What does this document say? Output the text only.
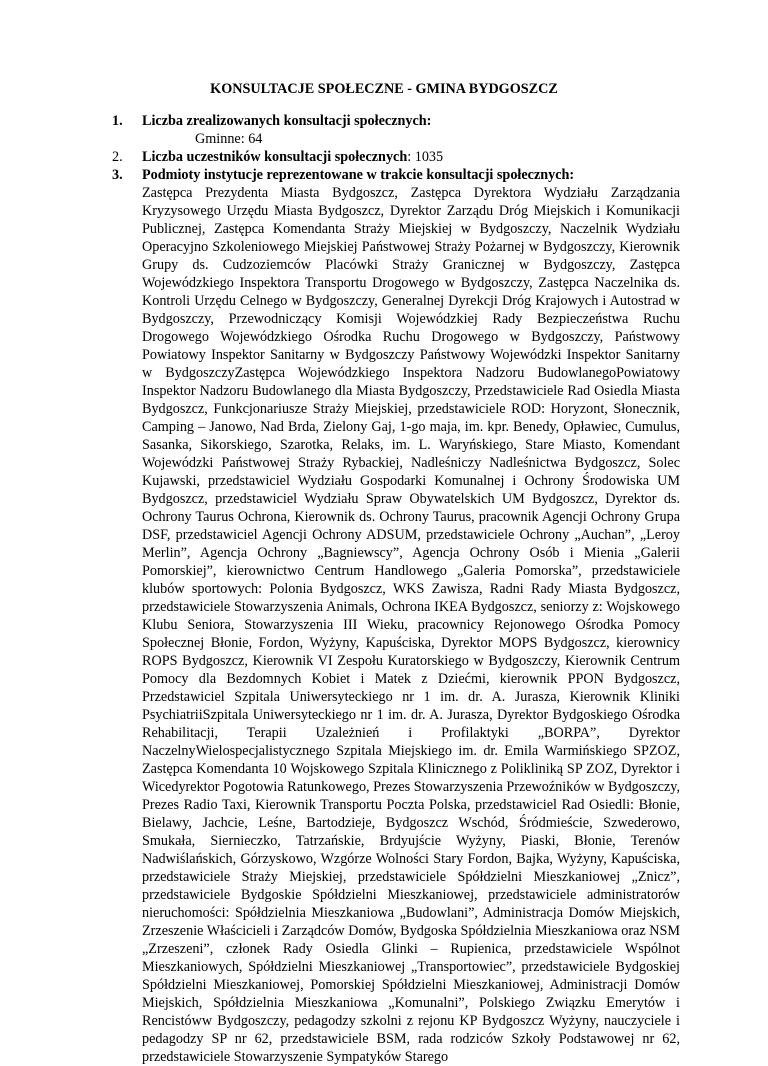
KONSULTACJE SPOŁECZNE - GMINA BYDGOSZCZ
1. Liczba zrealizowanych konsultacji społecznych:
Gminne: 64
2. Liczba uczestników konsultacji społecznych: 1035
3. Podmioty instytucje reprezentowane w trakcie konsultacji społecznych:
Zastępca Prezydenta Miasta Bydgoszcz, Zastępca Dyrektora Wydziału Zarządzania Kryzysowego Urzędu Miasta Bydgoszcz, Dyrektor Zarządu Dróg Miejskich i Komunikacji Publicznej, Zastępca Komendanta Straży Miejskiej w Bydgoszczy, Naczelnik Wydziału Operacyjno Szkoleniowego Miejskiej Państwowej Straży Pożarnej w Bydgoszczy, Kierownik Grupy ds. Cudzoziemców Placówki Straży Granicznej w Bydgoszczy, Zastępca Wojewódzkiego Inspektora Transportu Drogowego w Bydgoszczy, Zastępca Naczelnika ds. Kontroli Urzędu Celnego w Bydgoszczy, Generalnej Dyrekcji Dróg Krajowych i Autostrad w Bydgoszczy, Przewodniczący Komisji Wojewódzkiej Rady Bezpieczeństwa Ruchu Drogowego Wojewódzkiego Ośrodka Ruchu Drogowego w Bydgoszczy, Państwowy Powiatowy Inspektor Sanitarny w Bydgoszczy Państwowy Wojewódzki Inspektor Sanitarny w BydgoszczyZastępca Wojewódzkiego Inspektora Nadzoru BudowlanegoPowiatowy Inspektor Nadzoru Budowlanego dla Miasta Bydgoszczy, Przedstawiciele Rad Osiedla Miasta Bydgoszcz, Funkcjonariusze Straży Miejskiej, przedstawiciele ROD: Horyzont, Słonecznik, Camping – Janowo, Nad Brda, Zielony Gaj, 1-go maja, im. kpr. Benedy, Opławiec, Cumulus, Sasanka, Sikorskiego, Szarotka, Relaks, im. L. Waryńskiego, Stare Miasto, Komendant Wojewódzki Państwowej Straży Rybackiej, Nadleśniczy Nadleśnictwa Bydgoszcz, Solec Kujawski, przedstawiciel Wydziału Gospodarki Komunalnej i Ochrony Środowiska UM Bydgoszcz, przedstawiciel Wydziału Spraw Obywatelskich UM Bydgoszcz, Dyrektor ds. Ochrony Taurus Ochrona, Kierownik ds. Ochrony Taurus, pracownik Agencji Ochrony Grupa DSF, przedstawiciel Agencji Ochrony ADSUM, przedstawiciele Ochrony „Auchan”, „Leroy Merlin”, Agencja Ochrony „Bagniewscy”, Agencja Ochrony Osób i Mienia „Galerii Pomorskiej”, kierownictwo Centrum Handlowego „Galeria Pomorska”, przedstawiciele klubów sportowych: Polonia Bydgoszcz, WKS Zawisza, Radni Rady Miasta Bydgoszcz, przedstawiciele Stowarzyszenia Animals, Ochrona IKEA Bydgoszcz, seniorzy z: Wojskowego Klubu Seniora, Stowarzyszenia III Wieku, pracownicy Rejonowego Ośrodka Pomocy Społecznej Błonie, Fordon, Wyżyny, Kapuściska, Dyrektor MOPS Bydgoszcz, kierownicy ROPS Bydgoszcz, Kierownik VI Zespołu Kuratorskiego w Bydgoszczy, Kierownik Centrum Pomocy dla Bezdomnych Kobiet i Matek z Dziećmi, kierownik PPON Bydgoszcz, Przedstawiciel Szpitala Uniwersyteckiego nr 1 im. dr. A. Jurasza, Kierownik Kliniki PsychiatriiSzpitala Uniwersyteckiego nr 1 im. dr. A. Jurasza, Dyrektor Bydgoskiego Ośrodka Rehabilitacji, Terapii Uzależnień i Profilaktyki „BORPA”, Dyrektor NaczelnyWielospecjalistycznego Szpitala Miejskiego im. dr. Emila Warmińskiego SPZOZ, Zastępca Komendanta 10 Wojskowego Szpitala Klinicznego z Polikliniką SP ZOZ, Dyrektor i Wicedyrektor Pogotowia Ratunkowego, Prezes Stowarzyszenia Przewoźników w Bydgoszczy, Prezes Radio Taxi, Kierownik Transportu Poczta Polska, przedstawiciel Rad Osiedli: Błonie, Bielawy, Jachcie, Leśne, Bartodzieje, Bydgoszcz Wschód, Śródmieście, Szwederowo, Smukała, Siernieczko, Tatrzańskie, Brdyujście Wyżyny, Piaski, Błonie, Terenów Nadwiślańskich, Górzyskowo, Wzgórze Wolności Stary Fordon, Bajka, Wyżyny, Kapuściska, przedstawiciele Straży Miejskiej, przedstawiciele Spółdzielni Mieszkaniowej „Znicz”, przedstawiciele Bydgoskie Spółdzielni Mieszkaniowej, przedstawiciele administratorów nieruchomości: Spółdzielnia Mieszkaniowa „Budowlani”, Administracja Domów Miejskich, Zrzeszenie Właścicieli i Zarządców Domów, Bydgoska Spółdzielnia Mieszkaniowa oraz NSM „Zrzeszeni”, członek Rady Osiedla Glinki – Rupienica, przedstawiciele Wspólnot Mieszkaniowych, Spółdzielni Mieszkaniowej „Transportowiec”, przedstawiciele Bydgoskiej Spółdzielni Mieszkaniowej, Pomorskiej Spółdzielni Mieszkaniowej, Administracji Domów Miejskich, Spółdzielnia Mieszkaniowa „Komunalni”, Polskiego Związku Emerytów i Rencistóww Bydgoszczy, pedagodzy szkolni z rejonu KP Bydgoszcz Wyżyny, nauczyciele i pedagodzy SP nr 62, przedstawiciele BSM, rada rodziców Szkoły Podstawowej nr 62, przedstawiciele Stowarzyszenie Sympatyków Starego
